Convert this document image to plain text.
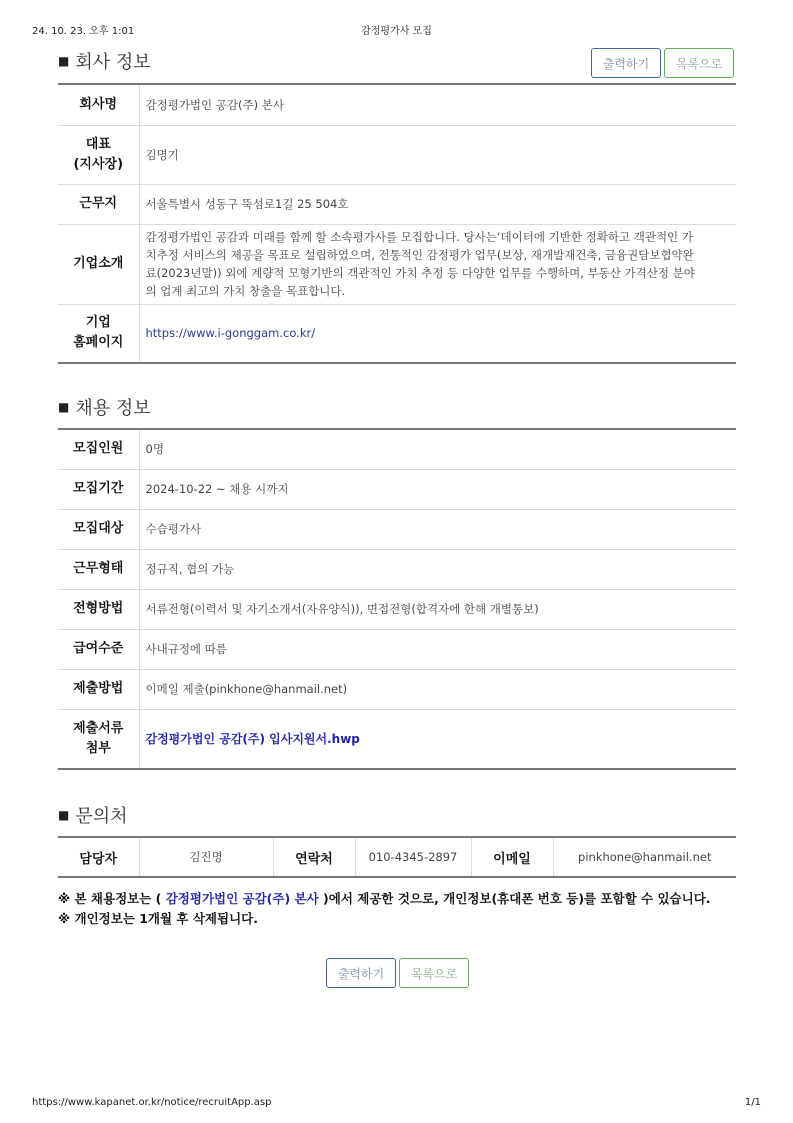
24. 10. 23. 오후 1:01	감정평가사 모집
■ 회사 정보	출력하기	목록으로
회사명	감정평가법인 공감(주) 본사

대표
(지사장)	김명기
근무지	서울특별시 성동구 뚝섬로1길 25 504호
기업소개	감정평가법인 공감과 미래를 함께 할 소속평가사를 모집합니다. 당사는‘데이터에 기반한 정확하고 객관적인 가
치추정 서비스의 제공을 목표로 설립하였으며, 전통적인 감정평가 업무(보상, 재개발재건축, 금융권담보협약완
료(2023년말)) 외에 계량적 모형기반의 객관적인 가치 추정 등 다양한 업무를 수행하며, 부동산 가격산정 분야
의 업계 최고의 가치 창출을 목표합니다.

기업
홈페이지	https://www.i-gonggam.co.kr/
■ 채용 정보
모집인원	0명
모집기간	2024-10-22 ~ 채용 시까지
모집대상	수습평가사
근무형태	정규직, 협의 가능
전형방법	서류전형(이력서 및 자기소개서(자유양식)), 면접전형(합격자에 한해 개별통보)
급여수준	사내규정에 따름
제출방법	이메일 제출(pinkhone@hanmail.net)

제출서류
첨부	감정평가법인 공감(주) 입사지원서.hwp
■ 문의처
담당자	김진명	연락처	010-4345-2897	이메일	pinkhone@hanmail.net
※ 본 채용정보는 ( 감정평가법인 공감(주) 본사 )에서 제공한 것으로, 개인정보(휴대폰 번호 등)를 포함할 수 있습니다.
※ 개인정보는 1개월 후 삭제됩니다.
출력하기	목록으로
https://www.kapanet.or.kr/notice/recruitApp.asp	1/1
